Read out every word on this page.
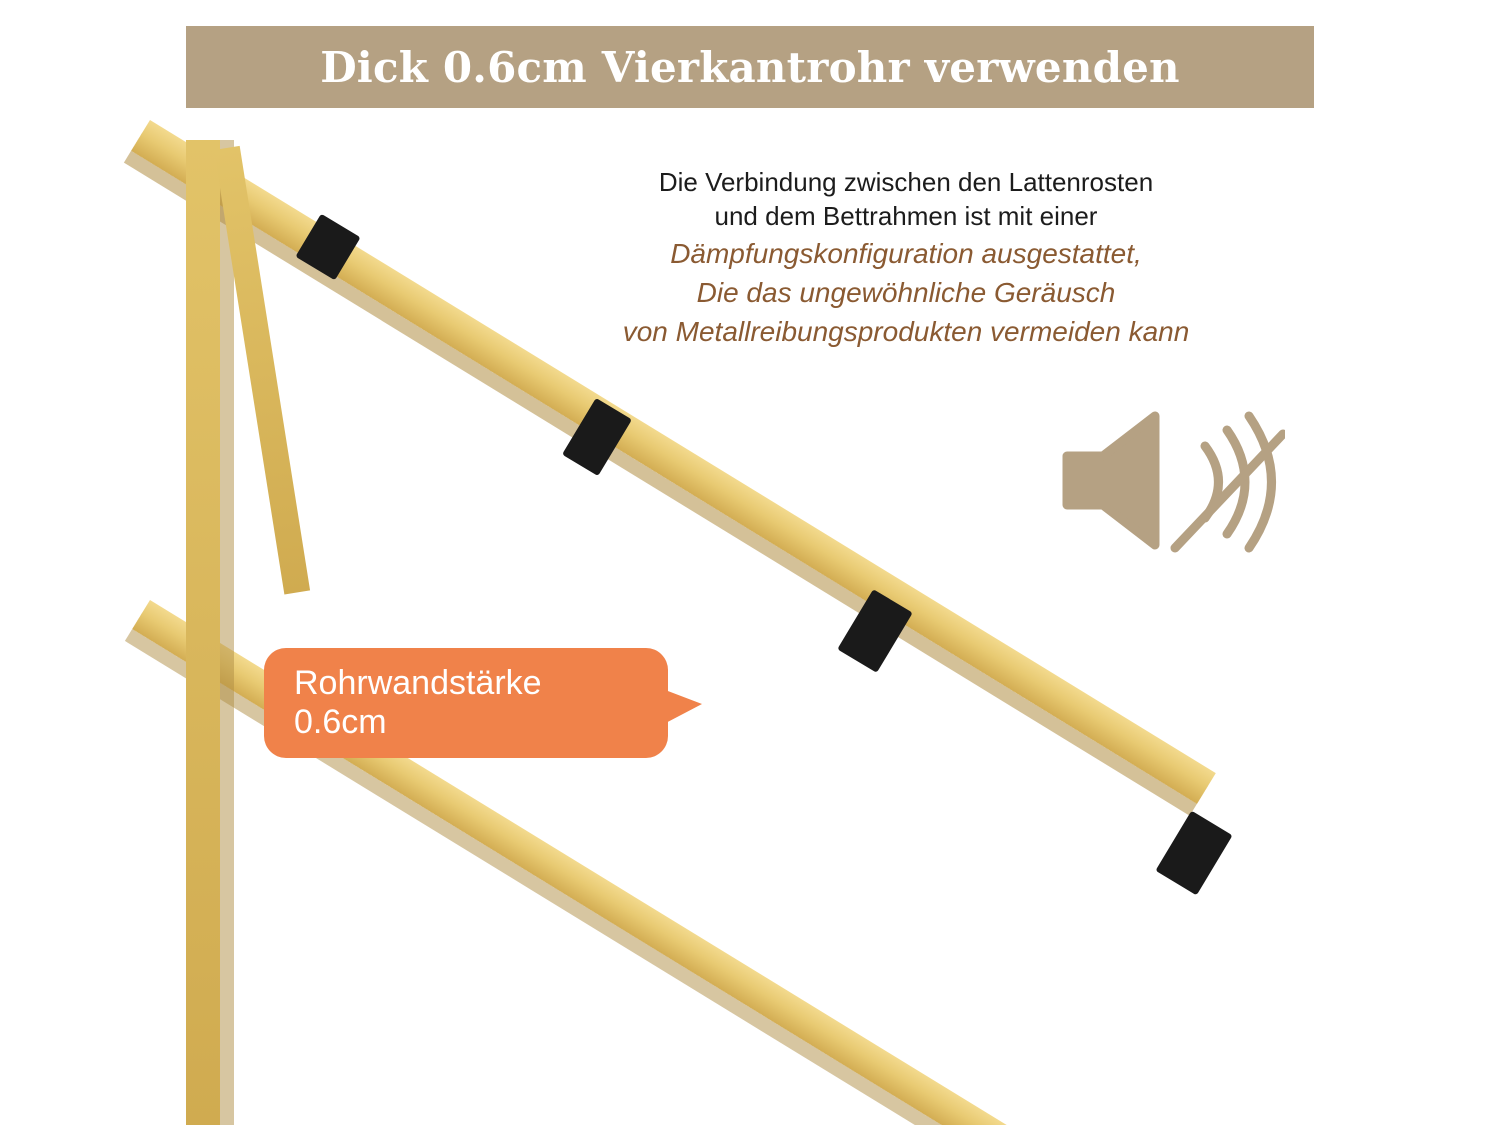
Dick 0.6cm Vierkantrohr verwenden
Die Verbindung zwischen den Lattenrosten
und dem Bettrahmen ist mit einer
Dämpfungskonfiguration ausgestattet,
Die das ungewöhnliche Geräusch
von Metallreibungsprodukten vermeiden kann
Rohrwandstärke
0.6cm
